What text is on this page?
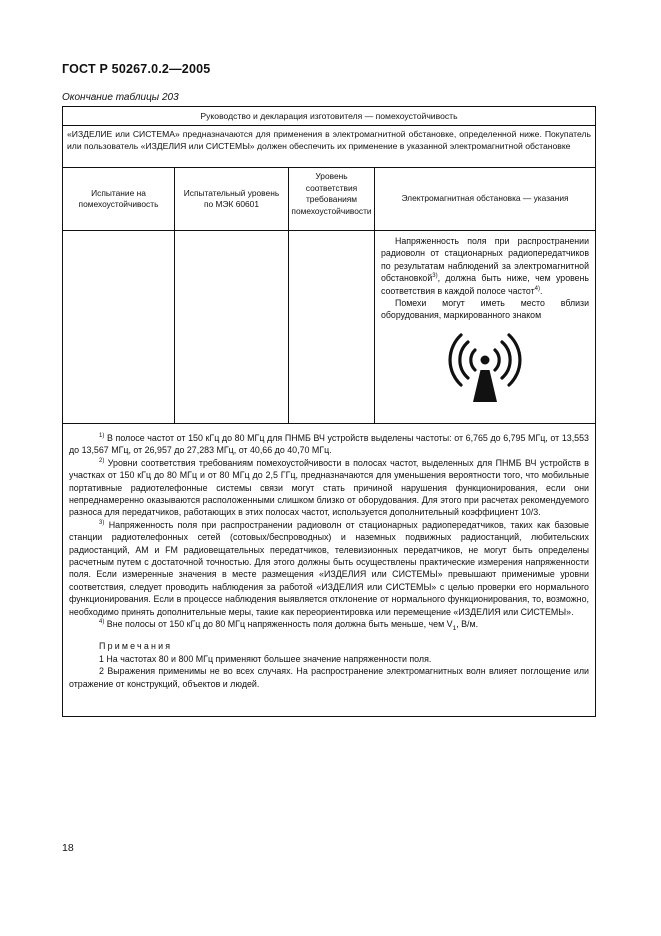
ГОСТ Р 50267.0.2—2005
Окончание таблицы 203
Руководство и декларация изготовителя — помехоустойчивость
«ИЗДЕЛИЕ или СИСТЕМА» предназначаются для применения в электромагнитной обстановке, определенной ниже. Покупатель или пользователь «ИЗДЕЛИЯ или СИСТЕМЫ» должен обеспечить их применение в указанной электромагнитной обстановке
Испытание на помехоустойчивость
Испытательный уровень по МЭК 60601
Уровень соответствия требованиям помехоустойчивости
Электромагнитная обстановка — указания

Напряженность поля при распространении радиоволн от стационарных радиопередатчиков по результатам наблюдений за электромагнитной обстановкой$^{3)}$, должна быть ниже, чем уровень соответствия в каждой полосе частот$^{4)}$.

Помехи могут иметь место вблизи оборудования, маркированного знаком

$^{1)}$ В полосе частот от 150 кГц до 80 МГц для ПНМБ ВЧ устройств выделены частоты: от 6,765 до 6,795 МГц, от 13,553 до 13,567 МГц, от 26,957 до 27,283 МГц, от 40,66 до 40,70 МГц.

$^{2)}$ Уровни соответствия требованиям помехоустойчивости в полосах частот, выделенных для ПНМБ ВЧ устройств в участках от 150 кГц до 80 МГц и от 80 МГц до 2,5 ГГц, предназначаются для уменьшения вероятности того, что мобильные портативные радиотелефонные системы связи могут стать причиной нарушения функционирования, если они непреднамеренно оказываются расположенными слишком близко от оборудования. Для этого при расчетах рекомендуемого разноса для передатчиков, работающих в этих полосах частот, используется дополнительный коэффициент 10/3.

$^{3)}$ Напряженность поля при распространении радиоволн от стационарных радиопередатчиков, таких как базовые станции радиотелефонных сетей (сотовых/беспроводных) и наземных подвижных радиостанций, любительских радиостанций, АМ и FM радиовещательных передатчиков, телевизионных передатчиков, не могут быть определены расчетным путем с достаточной точностью. Для этого должны быть осуществлены практические измерения напряженности поля. Если измеренные значения в месте размещения «ИЗДЕЛИЯ или СИСТЕМЫ» превышают применимые уровни соответствия, следует проводить наблюдения за работой «ИЗДЕЛИЯ или СИСТЕМЫ» с целью проверки его нормального функционирования. Если в процессе наблюдения выявляется отклонение от нормального функционирования, то, возможно, необходимо принять дополнительные меры, такие как переориентировка или перемещение «ИЗДЕЛИЯ или СИСТЕМЫ».

$^{4)}$ Вне полосы от 150 кГц до 80 МГц напряженность поля должна быть меньше, чем $V_1$, В/м.

Примечания

1 На частотах 80 и 800 МГц применяют большее значение напряженности поля.

2 Выражения применимы не во всех случаях. На распространение электромагнитных волн влияет поглощение или отражение от конструкций, объектов и людей.

18
